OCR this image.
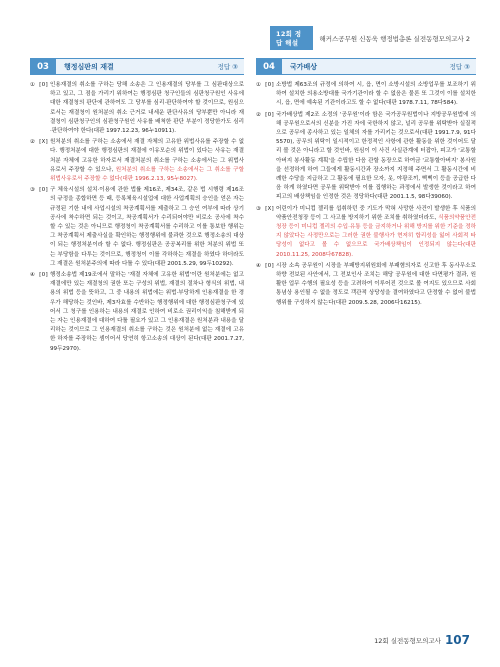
12회 정답 해설
해커스공무원 신동욱 행정법총론 실전동형모의고사 2
03	행정심판의 재결	정답 ③
① [O] 인용재결의 취소를 구하는 당해 소송은 그 인용재결의 당부를 그 심판대상으로 하고 있고, 그 점을 가리기 위하여는 행정심판 청구인들의 심판청구원인 사유에 대한 재결청의 판단에 관하여도 그 당부를 심리·판단하여야 할 것이므로, 원심으로서는 재결청이 원처분의 취소 근거로 내세운 판단사유의 당부뿐만 아니라 재결청이 심판청구인의 심판청구원인 사유를 배척한 판단 부분이 정당한가도 심리·판단하여야 한다(대판 1997.12.23, 96누10911).
② [X] 원처분의 취소를 구하는 소송에서 재결 자체의 고유한 위법사유를 주장할 수 없다. 행정처분에 대한 행정심판의 재결에 이유모순의 위법이 있다는 사유는 재결처분 자체에 고유한 하자로서 재결처분의 취소를 구하는 소송에서는 그 위법사유로서 주장할 수 있으나, 원처분의 취소를 구하는 소송에서는 그 취소를 구할 위법사유로서 주장할 수 없다(대판 1996.2.13, 95누8027).
③ [O] 구 체육시설의 설치·이용에 관한 법률 제16조, 제34조, 같은 법 시행령 제16조의 규정을 종합하면 등 때, 등록체육시설업에 대한 사업계획의 승인을 얻은 자는 규정된 기한 내에 사업시설의 착공계획서를 제출하고 그 승인 여부에 따라 상기 공사에 착수하면 되는 것이고, 착공계획서가 수리되어야만 비로소 공사에 착수할 수 있는 것은 아니므로 행정청이 착공계획서를 수리하고 이를 통보한 행위는 그 착공계획서 제출사실을 확인하는 행정행위에 불과한 것으로 행정소송의 대상이 되는 행정처분이라 할 수 없다. 행정심판은 공공복리를 위한 처분의 위법 또는 부당함을 다투는 것이므로, 행정청이 이를 각하하는 재결을 하였다 하더라도 그 재결은 원처분주의에 따라 다툴 수 있다(대판 2001.5.29, 99두10292).
④ [O] 행정소송법 제19조에서 말하는 '재결 자체에 고유한 위법'이란 원처분에는 없고 재결에만 있는 재결청의 권한 또는 구성의 위법, 재결의 절차나 형식의 위법, 내용의 위법 등을 뜻하고, 그 중 내용의 위법에는 위법·부당하게 인용재결을 한 경우가 해당하는 것인바, 제3자효를 수반하는 행정행위에 대한 행정심판청구에 있어서 그 청구를 인용하는 내용의 재결로 인하여 비로소 권리이익을 침해받게 되는 자는 인용재결에 대하여 다툴 필요가 있고 그 인용재결은 원처분과 내용을 달리하는 것이므로 그 인용재결의 취소를 구하는 것은 원처분에 없는 재결에 고유한 하자를 주장하는 셈이어서 당연히 항고소송의 대상이 된다(대판 2001.7.27, 99두2970).
04	국가배상	정답 ③
① [O] 소방법 제63조의 규정에 의하여 시, 읍, 면이 소방시설의 소방업무를 보조하기 위하여 설치한 의용소방대를 국가기관이라 할 수 없음은 물론 또 그것이 이를 설치한 시, 읍, 면에 예속된 기관이라고도 할 수 없다(대판 1978.7.11, 78다584).
② [O] 국가배상법 제2조 소정의 '공무원'이라 함은 국가공무원법이나 지방공무원법에 의해 공무원으로서의 신분을 가진 자에 국한하지 않고, 널리 공무를 위탁받아 실질적으로 공무에 종사하고 있는 일체의 자를 가리키는 것으로서(대판 1991.7.9, 91다5570), 공무의 위탁이 일시적이고 한정적인 사항에 관한 활동을 위한 것이어도 달리 볼 것은 아니라고 할 것인바, 원심이 이 사건 사실관계에 터잡아, 피고가 '교통할아버지 봉사활동 계획'을 수립한 다음 관할 동장으로 하여금 '교통할아버지' 봉사원을 선정하게 하여 그들에게 활동시간과 장소까지 지정해 주면서 그 활동시간에 비례한 수당을 지급하고 그 활동에 필요한 모자, 옷, 야광조끼, 삑삑이 등을 공급한 다음 하게 하였다면 공무를 위탁받아 이를 집행하는 과정에서 발생한 것이라고 하여 피고의 배상책임을 인정한 것은 정당하다(대판 2001.1.5, 98다39060).
③ [X] 어린이가 미니컵 젤리를 섭취하던 중 기도가 막혀 사망한 사건이 발생한 후 식품의약품안전청장 등이 그 사고를 방지하기 위한 조치를 취하였더라도, 식품의약품안전청장 등이 미니컵 젤리의 수입·유통 등을 금지하거나 위해 방지를 위한 기준을 정하지 않았다는 사정만으로는 그러한 권한 불행사가 현저히 합리성을 잃어 사회적 타당성이 없다고 볼 수 없으므로 국가배상책임이 인정되지 않는다(대판 2010.11.25, 2008다67828).
④ [O] 시장 소속 공무원이 시장을 부패방지위원회에 부패혐의자로 신고한 후 동사무소로 하향 전보된 사안에서, 그 전보인사 조치는 해당 공무원에 대한 다면평가 결과, 원활한 업무 수행의 필요성 등을 고려하여 이루어진 것으로 볼 여지도 있으므로 사회통념상 용인될 수 없을 정도로 객관적 상당성을 결여하였다고 단정할 수 없어 불법행위를 구성하지 않는다(대판 2009.5.28, 2006다16215).
12회 실전동형모의고사 107
